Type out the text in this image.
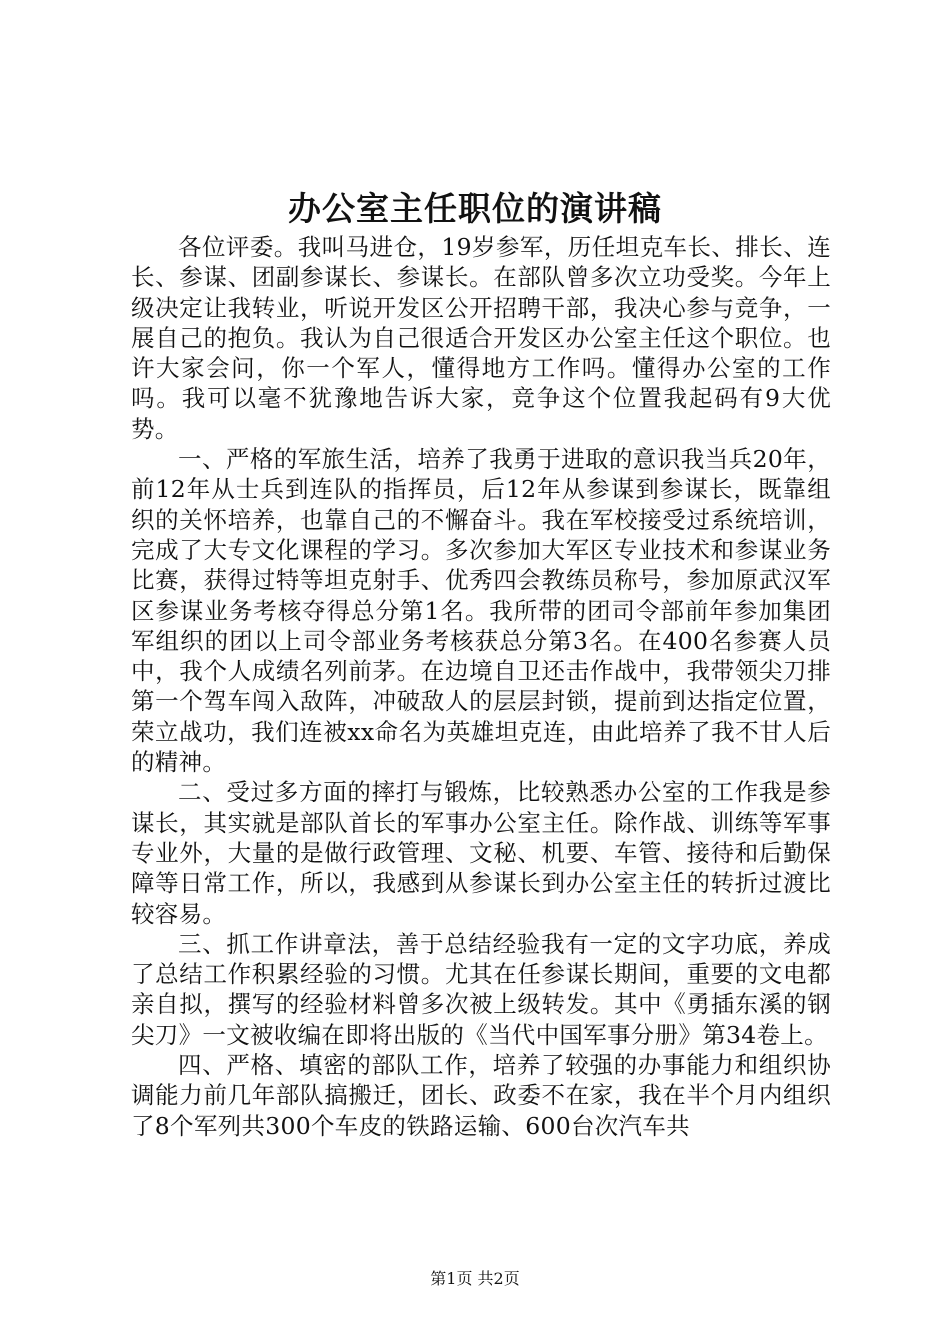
办公室主任职位的演讲稿

各位评委。我叫马进仓，19岁参军，历任坦克车长、排长、连长、参谋、团副参谋长、参谋长。在部队曾多次立功受奖。今年上级决定让我转业，听说开发区公开招聘干部，我决心参与竞争，一展自己的抱负。我认为自己很适合开发区办公室主任这个职位。也许大家会问，你一个军人，懂得地方工作吗。懂得办公室的工作吗。我可以毫不犹豫地告诉大家，竞争这个位置我起码有9大优势。

一、严格的军旅生活，培养了我勇于进取的意识我当兵20年，前12年从士兵到连队的指挥员，后12年从参谋到参谋长，既靠组织的关怀培养，也靠自己的不懈奋斗。我在军校接受过系统培训，完成了大专文化课程的学习。多次参加大军区专业技术和参谋业务比赛，获得过特等坦克射手、优秀四会教练员称号，参加原武汉军区参谋业务考核夺得总分第1名。我所带的团司令部前年参加集团军组织的团以上司令部业务考核获总分第3名。在400名参赛人员中，我个人成绩名列前茅。在边境自卫还击作战中，我带领尖刀排第一个驾车闯入敌阵，冲破敌人的层层封锁，提前到达指定位置，荣立战功，我们连被xx命名为英雄坦克连，由此培养了我不甘人后的精神。

二、受过多方面的摔打与锻炼，比较熟悉办公室的工作我是参谋长，其实就是部队首长的军事办公室主任。除作战、训练等军事专业外，大量的是做行政管理、文秘、机要、车管、接待和后勤保障等日常工作，所以，我感到从参谋长到办公室主任的转折过渡比较容易。

三、抓工作讲章法，善于总结经验我有一定的文字功底，养成了总结工作积累经验的习惯。尤其在任参谋长期间，重要的文电都亲自拟，撰写的经验材料曾多次被上级转发。其中《勇插东溪的钢尖刀》一文被收编在即将出版的《当代中国军事分册》第34卷上。

四、严格、填密的部队工作，培养了较强的办事能力和组织协调能力前几年部队搞搬迁，团长、政委不在家，我在半个月内组织了8个军列共300个车皮的铁路运输、600台次汽车共

第1页 共2页
